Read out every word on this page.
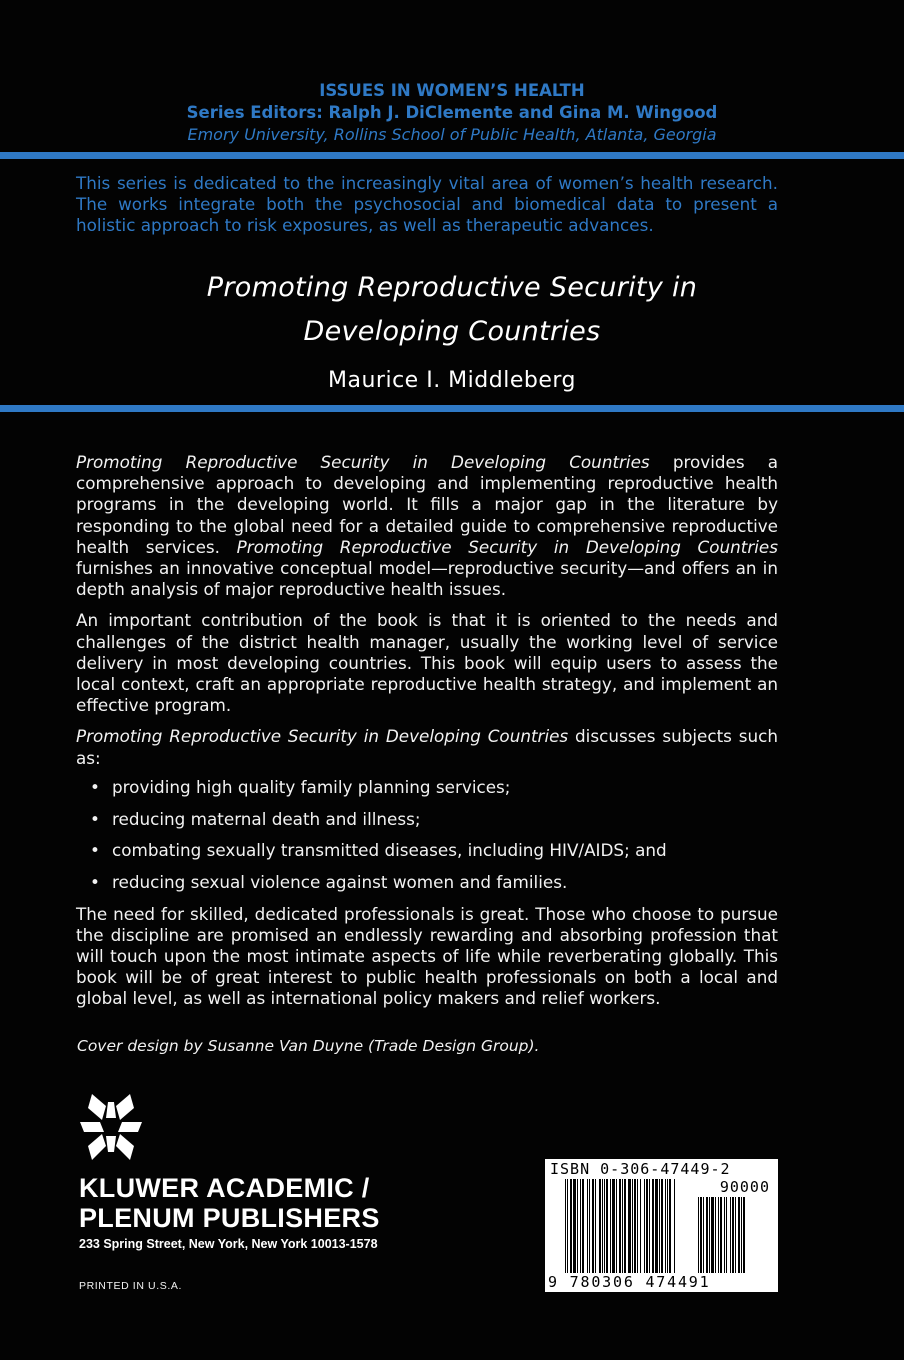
ISSUES IN WOMEN’S HEALTH
Series Editors: Ralph J. DiClemente and Gina M. Wingood
Emory University, Rollins School of Public Health, Atlanta, Georgia
This series is dedicated to the increasingly vital area of women’s health research. The works integrate both the psychosocial and biomedical data to present a holistic approach to risk exposures, as well as therapeutic advances.
Promoting Reproductive Security in
Developing Countries
Maurice I. Middleberg

Promoting Reproductive Security in Developing Countries provides a comprehensive approach to developing and implementing reproductive health programs in the developing world. It fills a major gap in the literature by responding to the global need for a detailed guide to comprehensive reproductive health services. Promoting Reproductive Security in Developing Countries furnishes an innovative conceptual model—reproductive security—and offers an in depth analysis of major reproductive health issues.

An important contribution of the book is that it is oriented to the needs and challenges of the district health manager, usually the working level of service delivery in most developing countries. This book will equip users to assess the local context, craft an appropriate reproductive health strategy, and implement an effective program.

Promoting Reproductive Security in Developing Countries discusses subjects such as:

• providing high quality family planning services;
• reducing maternal death and illness;
• combating sexually transmitted diseases, including HIV/AIDS; and
• reducing sexual violence against women and families.

The need for skilled, dedicated professionals is great. Those who choose to pursue the discipline are promised an endlessly rewarding and absorbing profession that will touch upon the most intimate aspects of life while reverberating globally. This book will be of great interest to public health professionals on both a local and global level, as well as international policy makers and relief workers.

Cover design by Susanne Van Duyne (Trade Design Group).
KLUWER ACADEMIC /
PLENUM PUBLISHERS
233 Spring Street, New York, New York 10013-1578
PRINTED IN U.S.A.
ISBN 0-306-47449-2
90000
9 780306 474491
